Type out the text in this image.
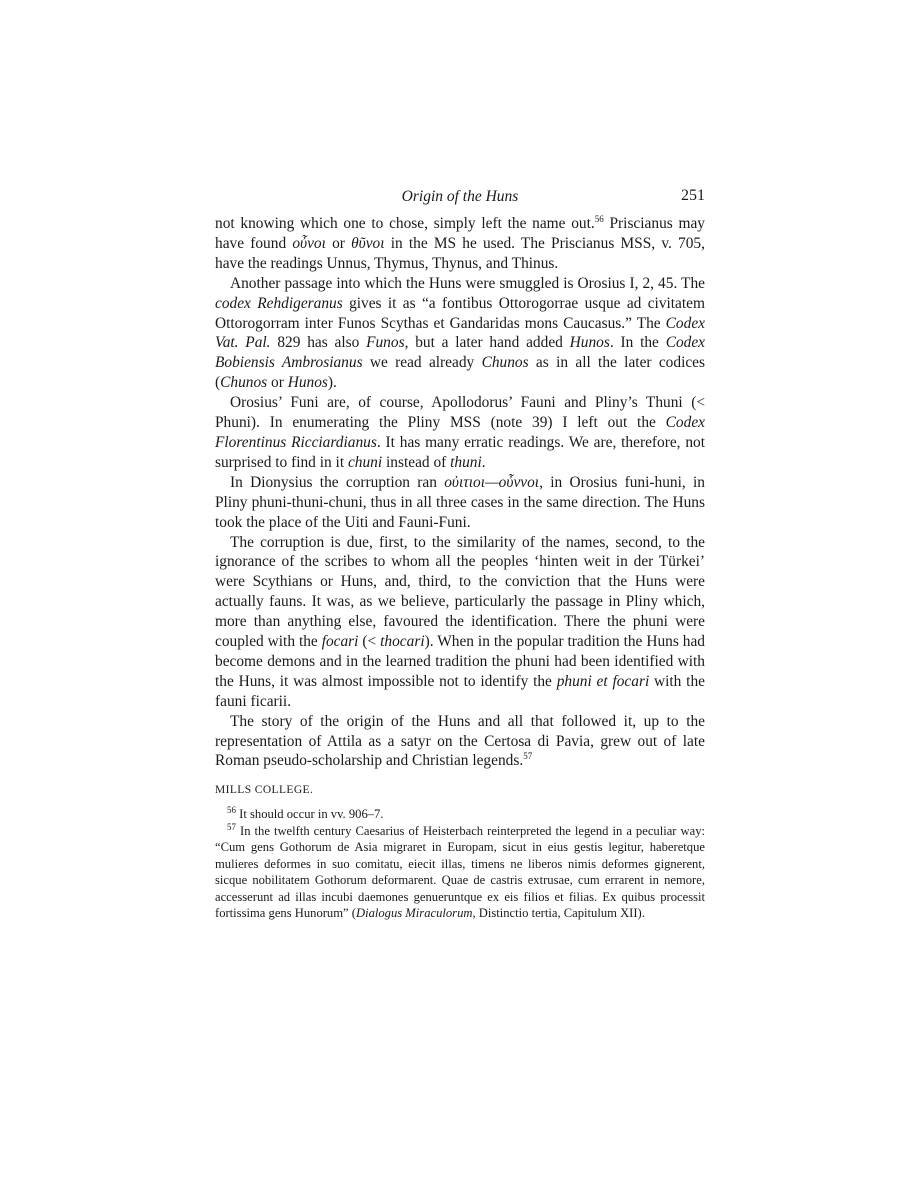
Origin of the Huns	251

not knowing which one to chose, simply left the name out.$^{56}$ Priscianus may have found οὖνοι or θῦνοι in the MS he used. The Priscianus MSS, v. 705, have the readings Unnus, Thymus, Thynus, and Thinus.

Another passage into which the Huns were smuggled is Orosius I, 2, 45. The codex Rehdigeranus gives it as “a fontibus Ottorogorrae usque ad civitatem Ottorogorram inter Funos Scythas et Gandaridas mons Caucasus.” The Codex Vat. Pal. 829 has also Funos, but a later hand added Hunos. In the Codex Bobiensis Ambrosianus we read already Chunos as in all the later codices (Chunos or Hunos).

Orosius’ Funi are, of course, Apollodorus’ Fauni and Pliny’s Thuni (< Phuni). In enumerating the Pliny MSS (note 39) I left out the Codex Florentinus Ricciardianus. It has many erratic readings. We are, therefore, not surprised to find in it chuni instead of thuni.

In Dionysius the corruption ran οὐιτιοι—οὖννοι, in Orosius funi-huni, in Pliny phuni-thuni-chuni, thus in all three cases in the same direction. The Huns took the place of the Uiti and Fauni-Funi.

The corruption is due, first, to the similarity of the names, second, to the ignorance of the scribes to whom all the peoples ‘hinten weit in der Türkei’ were Scythians or Huns, and, third, to the conviction that the Huns were actually fauns. It was, as we believe, particularly the passage in Pliny which, more than anything else, favoured the identification. There the phuni were coupled with the focari (< thocari). When in the popular tradition the Huns had become demons and in the learned tradition the phuni had been identified with the Huns, it was almost impossible not to identify the phuni et focari with the fauni ficarii.

The story of the origin of the Huns and all that followed it, up to the representation of Attila as a satyr on the Certosa di Pavia, grew out of late Roman pseudo-scholarship and Christian legends.$^{57}$

MILLS COLLEGE.

$^{56}$ It should occur in vv. 906–7.

$^{57}$ In the twelfth century Caesarius of Heisterbach reinterpreted the legend in a peculiar way: “Cum gens Gothorum de Asia migraret in Europam, sicut in eius gestis legitur, haberetque mulieres deformes in suo comitatu, eiecit illas, timens ne liberos nimis deformes gignerent, sicque nobilitatem Gothorum deformarent. Quae de castris extrusae, cum errarent in nemore, accesserunt ad illas incubi daemones genueruntque ex eis filios et filias. Ex quibus processit fortissima gens Hunorum” (Dialogus Miraculorum, Distinctio tertia, Capitulum XII).
